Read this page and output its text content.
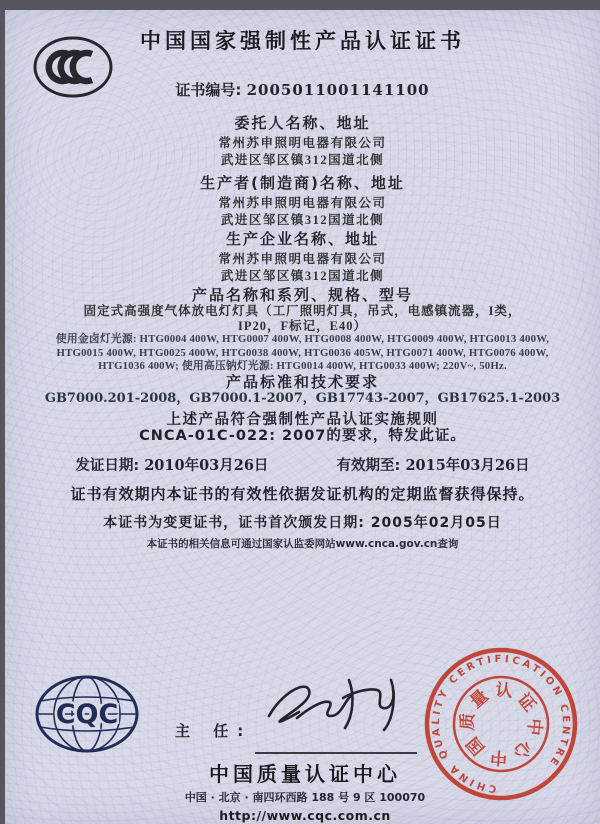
中国国家强制性产品认证证书
证书编号: 2005011001141100
委托人名称、地址
常州苏申照明电器有限公司
武进区邹区镇312国道北侧
生产者(制造商)名称、地址
常州苏申照明电器有限公司
武进区邹区镇312国道北侧
生产企业名称、地址
常州苏申照明电器有限公司
武进区邹区镇312国道北侧
产品名称和系列、规格、型号
固定式高强度气体放电灯灯具（工厂照明灯具，吊式，电感镇流器，I类，
IP20，F标记，E40）
使用金卤灯光源: HTG0004 400W, HTG0007 400W, HTG0008 400W, HTG0009 400W, HTG0013 400W,
HTG0015 400W, HTG0025 400W, HTG0038 400W, HTG0036 405W, HTG0071 400W, HTG0076 400W,
HTG1036 400W; 使用高压钠灯光源: HTG0014 400W, HTG0033 400W; 220V~, 50Hz.
产品标准和技术要求
GB7000.201-2008，GB7000.1-2007，GB17743-2007，GB17625.1-2003
上述产品符合强制性产品认证实施规则
CNCA-01C-022: 2007的要求，特发此证。
发证日期: 2010年03月26日	有效期至: 2015年03月26日
证书有效期内本证书的有效性依据发证机构的定期监督获得保持。
本证书为变更证书，证书首次颁发日期: 2005年02月05日
本证书的相关信息可通过国家认监委网站www.cnca.gov.cn查询
CQC
主 任:
中国质量认证中心
中国 · 北京 · 南四环西路 188 号 9 区 100070
http://www.cqc.com.cn
CHINA QUALITY CERTIFICATION CENTRE
中
国
质
量 认 证
中
心
